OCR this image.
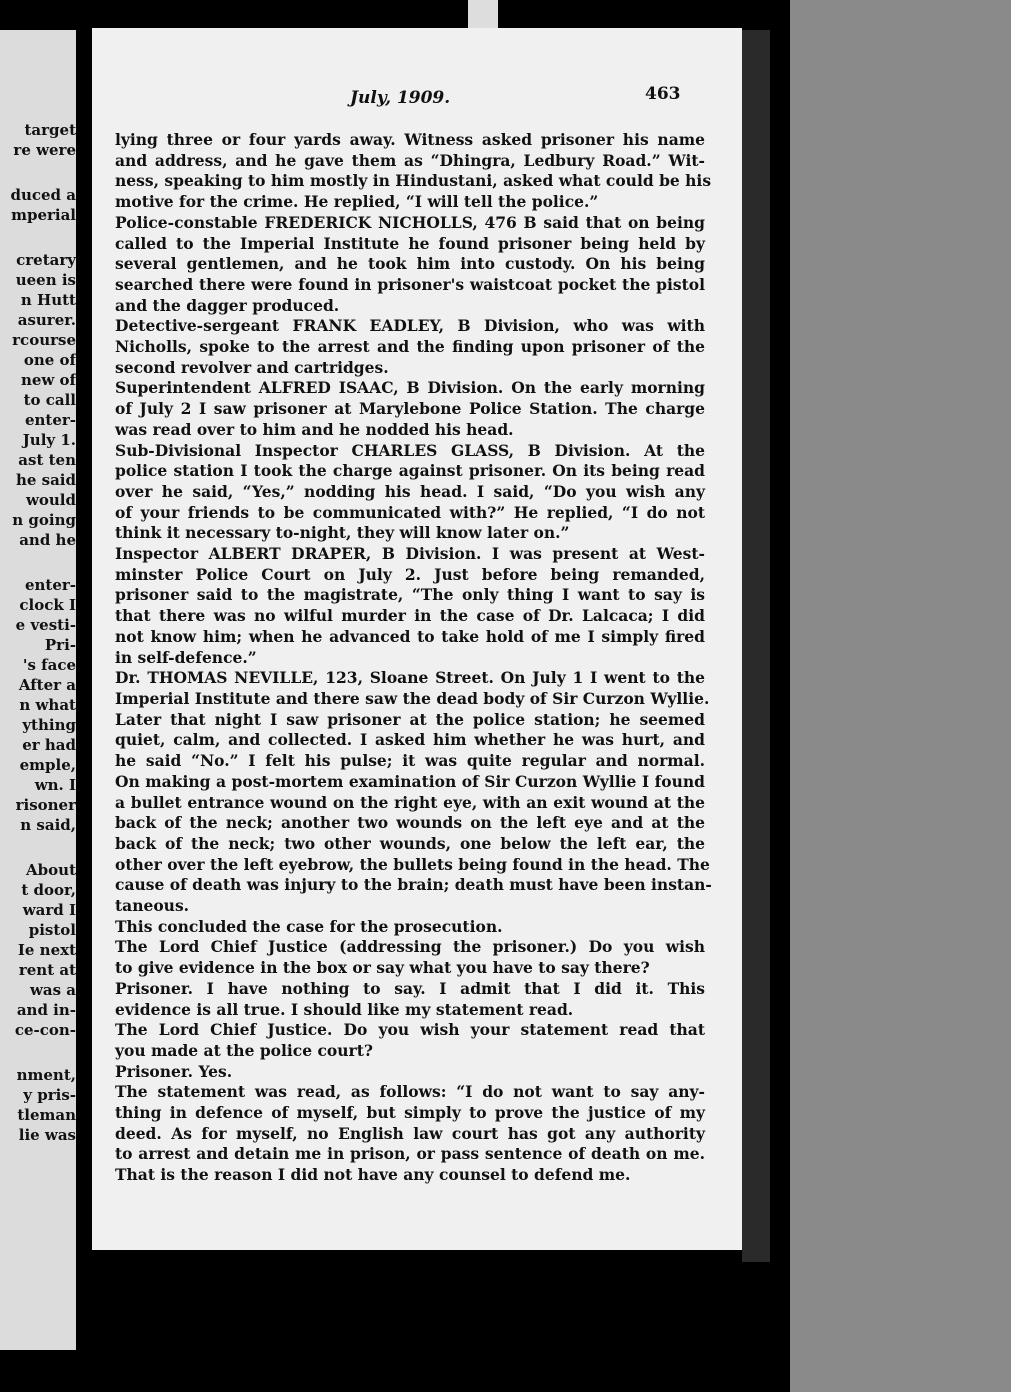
target
re were
duced a
mperial
cretary
ueen is
n Hutt
asurer.
rcourse
one of
new of
to call
enter-
July 1.
ast ten
he said
would
n going
and he
enter-
clock I
e vesti-
Pri-
's face
After a
n what
ything
er had
emple,
wn. I
risoner
n said,
About
t door,
ward I
pistol
Ie next
rent at
was a
and in-
ce-con-
nment,
y pris-
tleman
lie was
July, 1909.	463
lying three or four yards away. Witness asked prisoner his name
and address, and he gave them as “Dhingra, Ledbury Road.” Wit-
ness, speaking to him mostly in Hindustani, asked what could be his
motive for the crime. He replied, “I will tell the police.”
Police-constable FREDERICK NICHOLLS, 476 B said that on being
called to the Imperial Institute he found prisoner being held by
several gentlemen, and he took him into custody. On his being
searched there were found in prisoner's waistcoat pocket the pistol
and the dagger produced.
Detective-sergeant FRANK EADLEY, B Division, who was with
Nicholls, spoke to the arrest and the finding upon prisoner of the
second revolver and cartridges.
Superintendent ALFRED ISAAC, B Division. On the early morning
of July 2 I saw prisoner at Marylebone Police Station. The charge
was read over to him and he nodded his head.
Sub-Divisional Inspector CHARLES GLASS, B Division. At the
police station I took the charge against prisoner. On its being read
over he said, “Yes,” nodding his head. I said, “Do you wish any
of your friends to be communicated with?” He replied, “I do not
think it necessary to-night, they will know later on.”
Inspector ALBERT DRAPER, B Division. I was present at West-
minster Police Court on July 2. Just before being remanded,
prisoner said to the magistrate, “The only thing I want to say is
that there was no wilful murder in the case of Dr. Lalcaca; I did
not know him; when he advanced to take hold of me I simply fired
in self-defence.”
Dr. THOMAS NEVILLE, 123, Sloane Street. On July 1 I went to the
Imperial Institute and there saw the dead body of Sir Curzon Wyllie.
Later that night I saw prisoner at the police station; he seemed
quiet, calm, and collected. I asked him whether he was hurt, and
he said “No.” I felt his pulse; it was quite regular and normal.
On making a post-mortem examination of Sir Curzon Wyllie I found
a bullet entrance wound on the right eye, with an exit wound at the
back of the neck; another two wounds on the left eye and at the
back of the neck; two other wounds, one below the left ear, the
other over the left eyebrow, the bullets being found in the head. The
cause of death was injury to the brain; death must have been instan-
taneous.
This concluded the case for the prosecution.
The Lord Chief Justice (addressing the prisoner.) Do you wish
to give evidence in the box or say what you have to say there?
Prisoner. I have nothing to say. I admit that I did it. This
evidence is all true. I should like my statement read.
The Lord Chief Justice. Do you wish your statement read that
you made at the police court?
Prisoner. Yes.
The statement was read, as follows: “I do not want to say any-
thing in defence of myself, but simply to prove the justice of my
deed. As for myself, no English law court has got any authority
to arrest and detain me in prison, or pass sentence of death on me.
That is the reason I did not have any counsel to defend me.
